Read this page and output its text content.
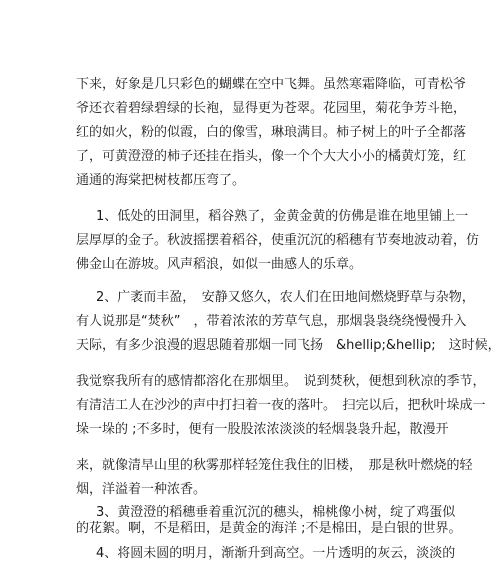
下来，好象是几只彩色的蝴蝶在空中飞舞。虽然寒霜降临，可青松爷
爷还衣着碧绿碧绿的长袍，显得更为苍翠。花园里，菊花争芳斗艳，
红的如火，粉的似霞，白的像雪，琳琅满目。柿子树上的叶子全都落
了，可黄澄澄的柿子还挂在指头，像一个个大大小小的橘黄灯笼，红
通通的海棠把树枝都压弯了。
1、低处的田洞里，稻谷熟了，金黄金黄的仿佛是谁在地里铺上一
层厚厚的金子。秋波摇摆着稻谷，使重沉沉的稻穗有节奏地波动着，仿
佛金山在游坡。风声稻浪，如似一曲感人的乐章。
2、广袤而丰盈，　安静又悠久，农人们在田地间燃烧野草与杂物，
有人说那是“焚秋”　，带着浓浓的芳草气息，那烟袅袅绕绕慢慢升入
天际，有多少浪漫的遐思随着那烟一同飞扬　&hellip;&hellip;　这时候，
我觉察我所有的感情都溶化在那烟里。　说到焚秋，便想到秋凉的季节，
有清洁工人在沙沙的声中打扫着一夜的落叶。　扫完以后，把秋叶垛成一
垛一垛的 ;不多时，便有一股股浓浓淡淡的轻烟袅袅升起，散漫开
来，就像清早山里的秋雾那样轻笼住我住的旧楼，　那是秋叶燃烧的轻
烟，洋溢着一种浓香。
3、黄澄澄的稻穗垂着重沉沉的穗头，棉桃像小树，绽了鸡蛋似
的花絮。啊，不是稻田，是黄金的海洋 ;不是棉田，是白银的世界。
4、将圆未圆的明月，渐渐升到高空。一片透明的灰云，淡淡的
